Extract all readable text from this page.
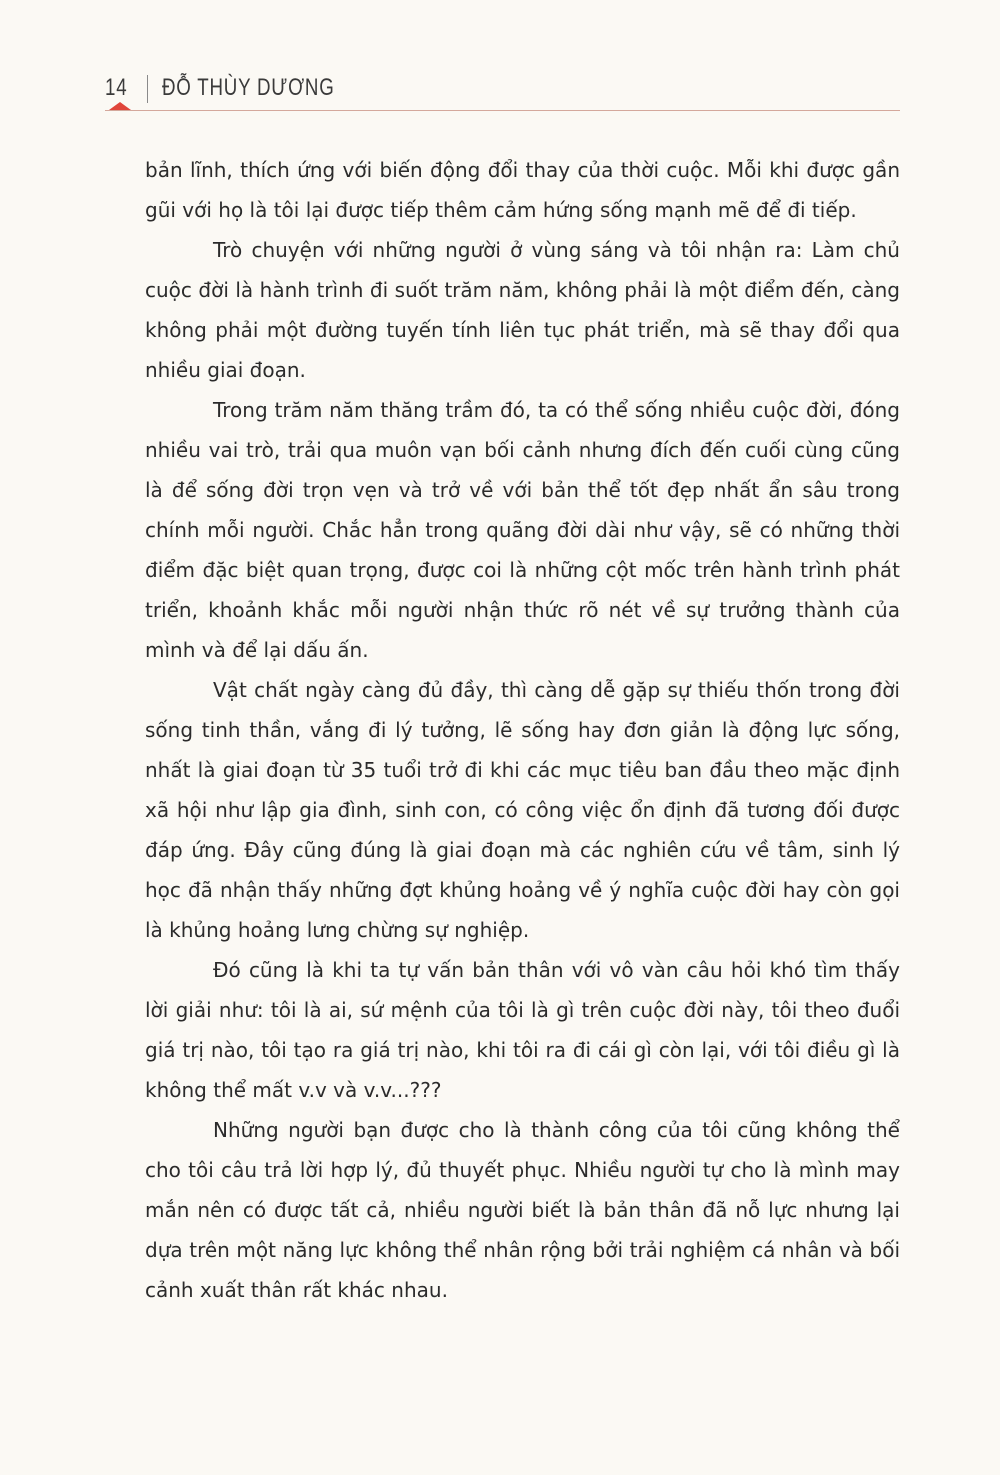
14 ĐỖ THÙY DƯƠNG

bản lĩnh, thích ứng với biến động đổi thay của thời cuộc. Mỗi khi được gần gũi với họ là tôi lại được tiếp thêm cảm hứng sống mạnh mẽ để đi tiếp.

Trò chuyện với những người ở vùng sáng và tôi nhận ra: Làm chủ cuộc đời là hành trình đi suốt trăm năm, không phải là một điểm đến, càng không phải một đường tuyến tính liên tục phát triển, mà sẽ thay đổi qua nhiều giai đoạn.

Trong trăm năm thăng trầm đó, ta có thể sống nhiều cuộc đời, đóng nhiều vai trò, trải qua muôn vạn bối cảnh nhưng đích đến cuối cùng cũng là để sống đời trọn vẹn và trở về với bản thể tốt đẹp nhất ẩn sâu trong chính mỗi người. Chắc hẳn trong quãng đời dài như vậy, sẽ có những thời điểm đặc biệt quan trọng, được coi là những cột mốc trên hành trình phát triển, khoảnh khắc mỗi người nhận thức rõ nét về sự trưởng thành của mình và để lại dấu ấn.

Vật chất ngày càng đủ đầy, thì càng dễ gặp sự thiếu thốn trong đời sống tinh thần, vắng đi lý tưởng, lẽ sống hay đơn giản là động lực sống, nhất là giai đoạn từ 35 tuổi trở đi khi các mục tiêu ban đầu theo mặc định xã hội như lập gia đình, sinh con, có công việc ổn định đã tương đối được đáp ứng. Đây cũng đúng là giai đoạn mà các nghiên cứu về tâm, sinh lý học đã nhận thấy những đợt khủng hoảng về ý nghĩa cuộc đời hay còn gọi là khủng hoảng lưng chừng sự nghiệp.

Đó cũng là khi ta tự vấn bản thân với vô vàn câu hỏi khó tìm thấy lời giải như: tôi là ai, sứ mệnh của tôi là gì trên cuộc đời này, tôi theo đuổi giá trị nào, tôi tạo ra giá trị nào, khi tôi ra đi cái gì còn lại, với tôi điều gì là không thể mất v.v và v.v...???

Những người bạn được cho là thành công của tôi cũng không thể cho tôi câu trả lời hợp lý, đủ thuyết phục. Nhiều người tự cho là mình may mắn nên có được tất cả, nhiều người biết là bản thân đã nỗ lực nhưng lại dựa trên một năng lực không thể nhân rộng bởi trải nghiệm cá nhân và bối cảnh xuất thân rất khác nhau.
